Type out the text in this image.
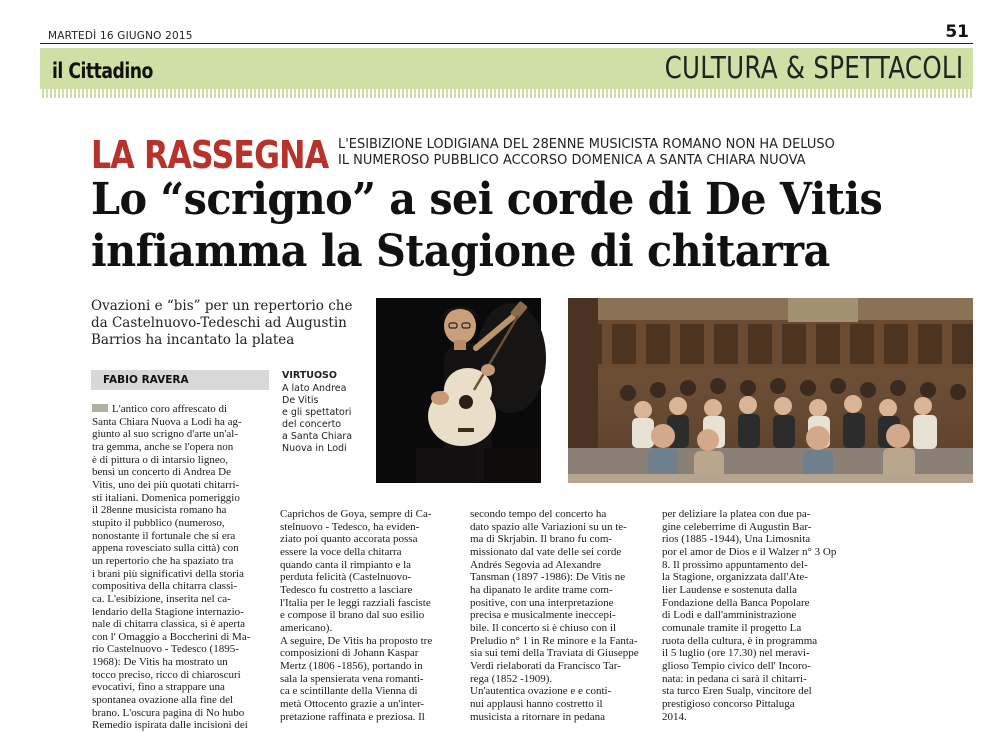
MARTEDÌ 16 GIUGNO 2015	51
il Cittadino	CULTURA & SPETTACOLI
LA RASSEGNA L'ESIBIZIONE LODIGIANA DEL 28ENNE MUSICISTA ROMANO NON HA DELUSO
IL NUMEROSO PUBBLICO ACCORSO DOMENICA A SANTA CHIARA NUOVA
Lo “scrigno” a sei corde di De Vitis
infiamma la Stagione di chitarra
Ovazioni e “bis” per un repertorio che
da Castelnuovo-Tedeschi ad Augustin
Barrios ha incantato la platea
FABIO RAVERA	VIRTUOSO
A lato Andrea
De Vitis
e gli spettatori
del concerto
a Santa Chiara
Nuova in Lodi
L'antico coro affrescato di
Santa Chiara Nuova a Lodi ha ag-
giunto al suo scrigno d'arte un'al-
tra gemma, anche se l'opera non
è di pittura o di intarsio ligneo,
bensì un concerto di Andrea De
Vitis, uno dei più quotati chitarri-
sti italiani. Domenica pomeriggio
il 28enne musicista romano ha
stupito il pubblico (numeroso,
nonostante il fortunale che si era
appena rovesciato sulla città) con
un repertorio che ha spaziato tra
i brani più significativi della storia
compositiva della chitarra classi-
ca. L'esibizione, inserita nel ca-
lendario della Stagione internazio-
nale di chitarra classica, si è aperta
con l' Omaggio a Boccherini di Ma-
rio Castelnuovo - Tedesco (1895-
1968): De Vitis ha mostrato un
tocco preciso, ricco di chiaroscuri
evocativi, fino a strappare una
spontanea ovazione alla fine del
brano. L'oscura pagina di No hubo
Remedio ispirata dalle incisioni dei
Caprichos de Goya, sempre di Ca-
stelnuovo - Tedesco, ha eviden-
ziato poi quanto accorata possa
essere la voce della chitarra
quando canta il rimpianto e la
perduta felicità (Castelnuovo-
Tedesco fu costretto a lasciare
l'Italia per le leggi razziali fasciste
e compose il brano dal suo esilio
americano).
A seguire, De Vitis ha proposto tre
composizioni di Johann Kaspar
Mertz (1806 -1856), portando in
sala la spensierata vena romanti-
ca e scintillante della Vienna di
metà Ottocento grazie a un'inter-
pretazione raffinata e preziosa. Il
secondo tempo del concerto ha
dato spazio alle Variazioni su un te-
ma di Skrjabin. Il brano fu com-
missionato dal vate delle sei corde
Andrés Segovia ad Alexandre
Tansman (1897 -1986): De Vitis ne
ha dipanato le ardite trame com-
positive, con una interpretazione
precisa e musicalmente ineccepi-
bile. Il concerto si è chiuso con il
Preludio n° 1 in Re minore e la Fanta-
sia sui temi della Traviata di Giuseppe
Verdi rielaborati da Francisco Tar-
rega (1852 -1909).
Un'autentica ovazione e e conti-
nui applausi hanno costretto il
musicista a ritornare in pedana
per deliziare la platea con due pa-
gine celeberrime di Augustin Bar-
rios (1885 -1944), Una Limosnita
por el amor de Dios e il Walzer n° 3 Op
8. Il prossimo appuntamento del-
la Stagione, organizzata dall'Ate-
lier Laudense e sostenuta dalla
Fondazione della Banca Popolare
di Lodi e dall'amministrazione
comunale tramite il progetto La
ruota della cultura, è in programma
il 5 luglio (ore 17.30) nel meravi-
glioso Tempio civico dell' Incoro-
nata: in pedana ci sarà il chitarri-
sta turco Eren Sualp, vincitore del
prestigioso concorso Pittaluga
2014.
